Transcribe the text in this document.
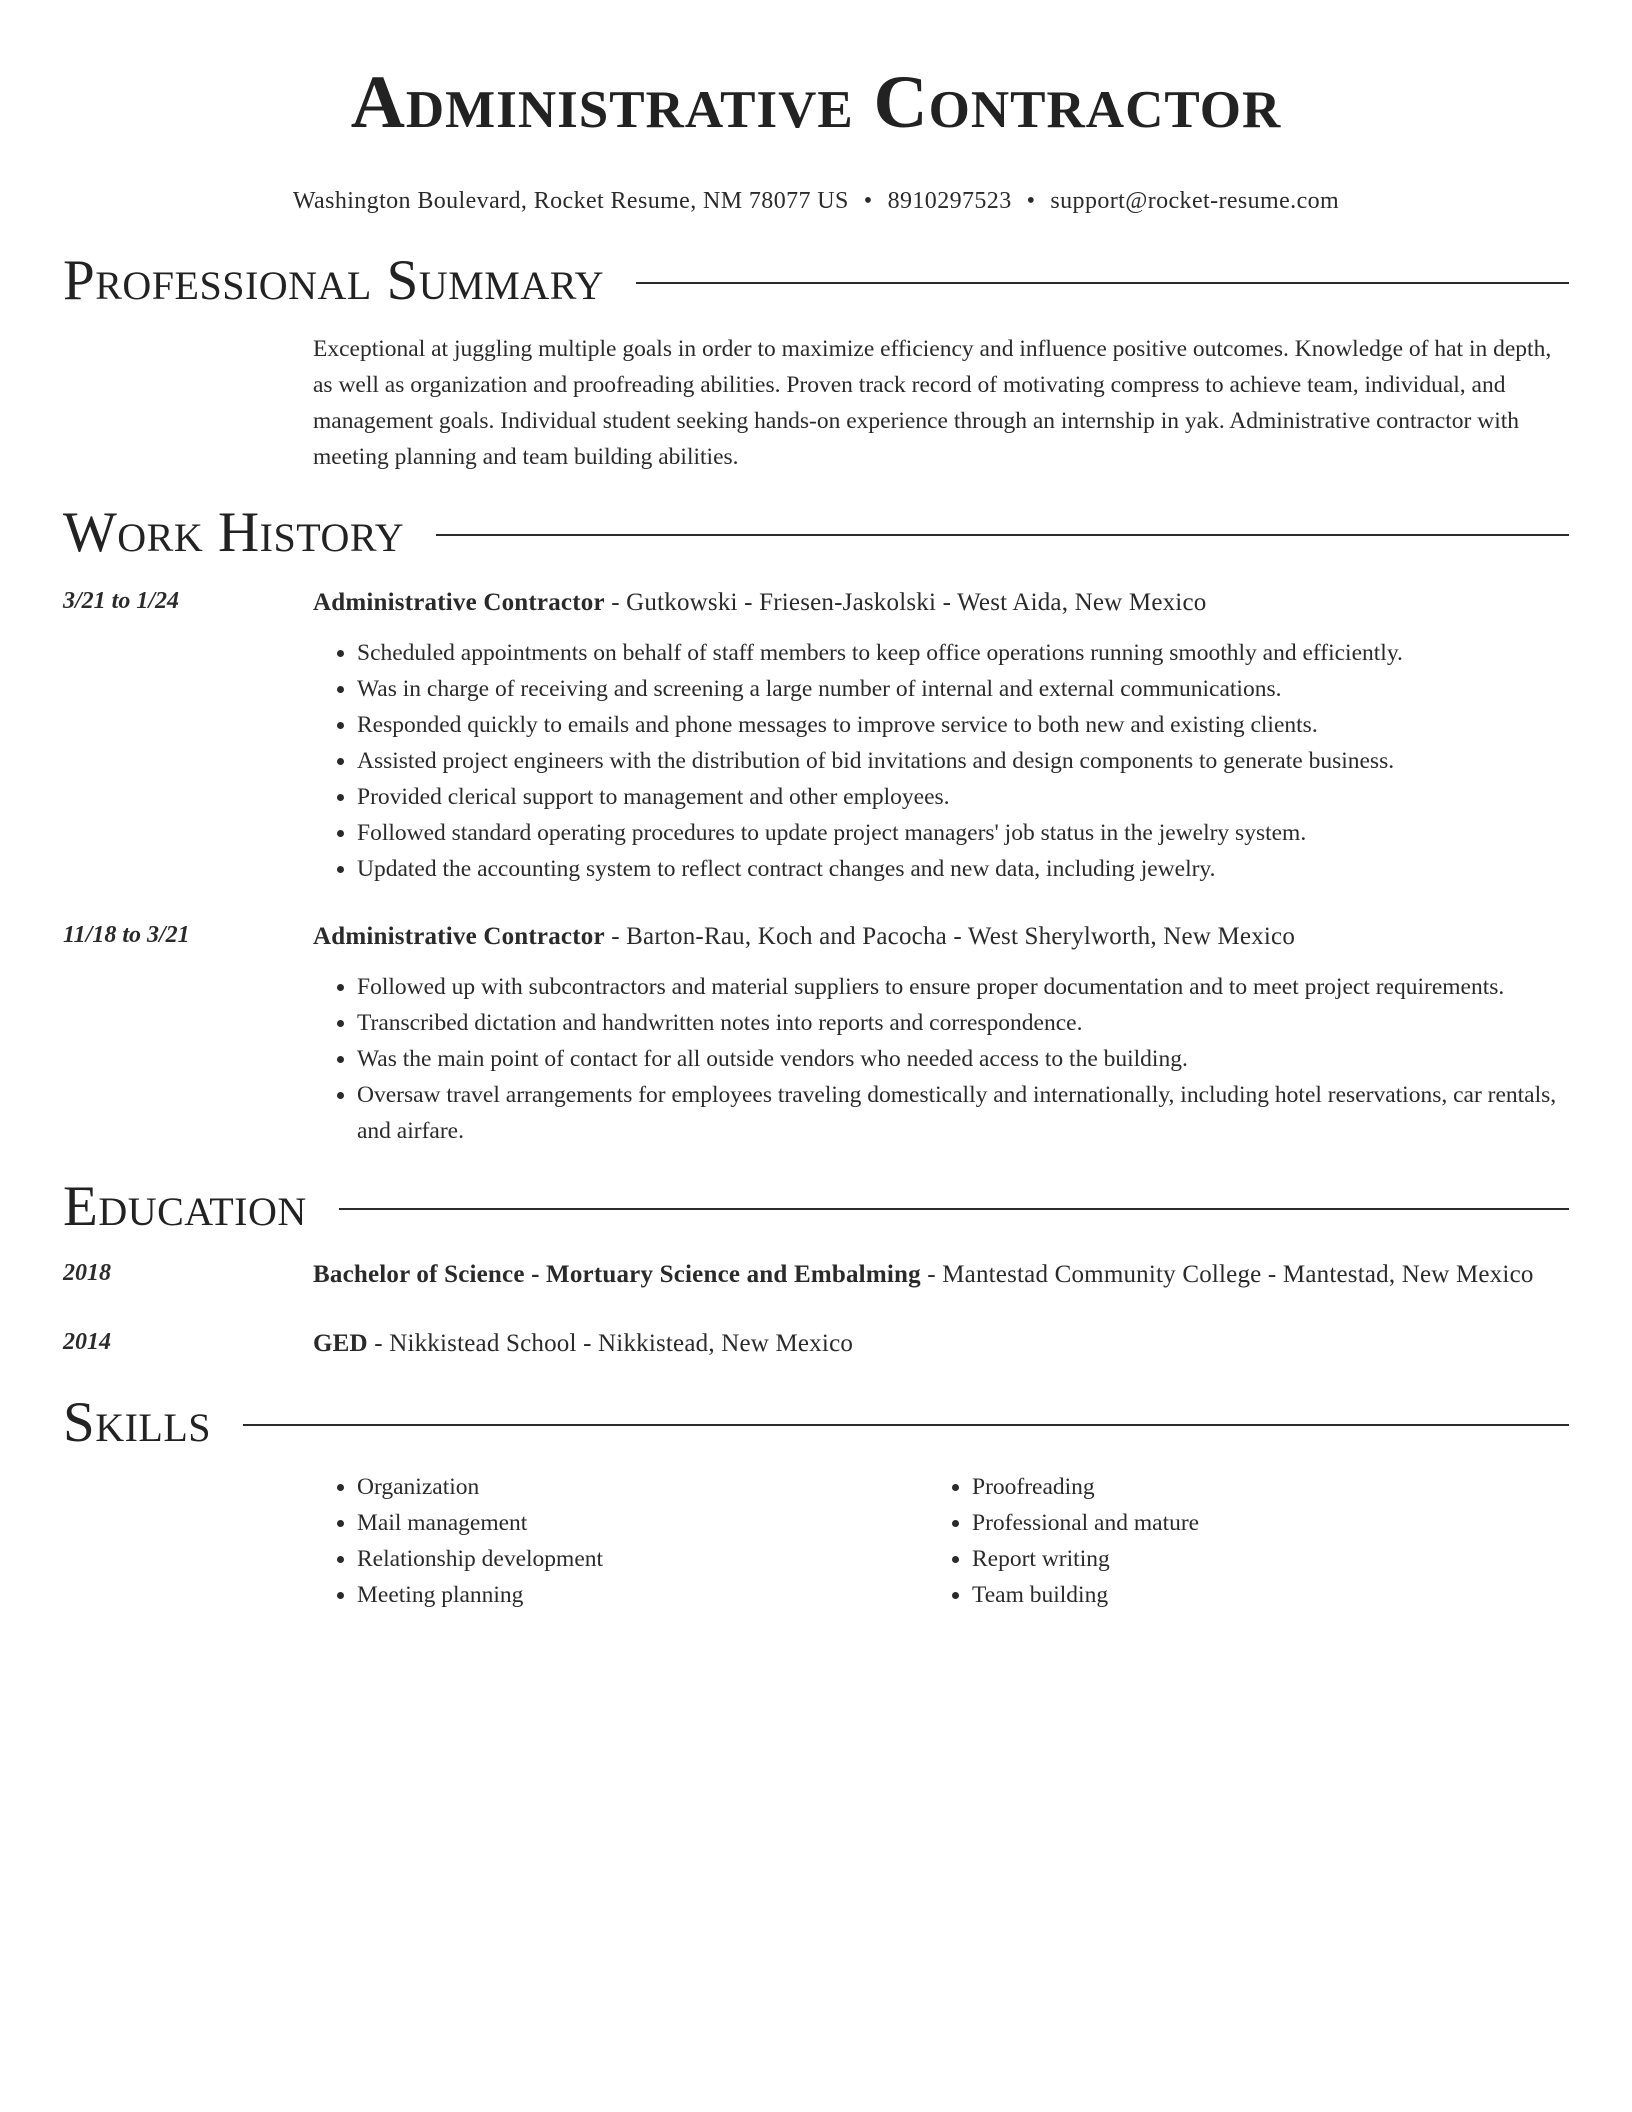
Administrative Contractor
Washington Boulevard, Rocket Resume, NM 78077 US • 8910297523 • support@rocket-resume.com
Professional Summary
Exceptional at juggling multiple goals in order to maximize efficiency and influence positive outcomes. Knowledge of hat in depth, as well as organization and proofreading abilities. Proven track record of motivating compress to achieve team, individual, and management goals. Individual student seeking hands-on experience through an internship in yak. Administrative contractor with meeting planning and team building abilities.
Work History
3/21 to 1/24	Administrative Contractor - Gutkowski - Friesen-Jaskolski - West Aida, New Mexico
• Scheduled appointments on behalf of staff members to keep office operations running smoothly and efficiently.
• Was in charge of receiving and screening a large number of internal and external communications.
• Responded quickly to emails and phone messages to improve service to both new and existing clients.
• Assisted project engineers with the distribution of bid invitations and design components to generate business.
• Provided clerical support to management and other employees.
• Followed standard operating procedures to update project managers' job status in the jewelry system.
• Updated the accounting system to reflect contract changes and new data, including jewelry.
11/18 to 3/21	Administrative Contractor - Barton-Rau, Koch and Pacocha - West Sherylworth, New Mexico
• Followed up with subcontractors and material suppliers to ensure proper documentation and to meet project requirements.
• Transcribed dictation and handwritten notes into reports and correspondence.
• Was the main point of contact for all outside vendors who needed access to the building.
• Oversaw travel arrangements for employees traveling domestically and internationally, including hotel reservations, car rentals, and airfare.
Education
2018	Bachelor of Science - Mortuary Science and Embalming - Mantestad Community College - Mantestad, New Mexico
2014	GED - Nikkistead School - Nikkistead, New Mexico
Skills
• Organization
• Mail management
• Relationship development
• Meeting planning
• Proofreading
• Professional and mature
• Report writing
• Team building
